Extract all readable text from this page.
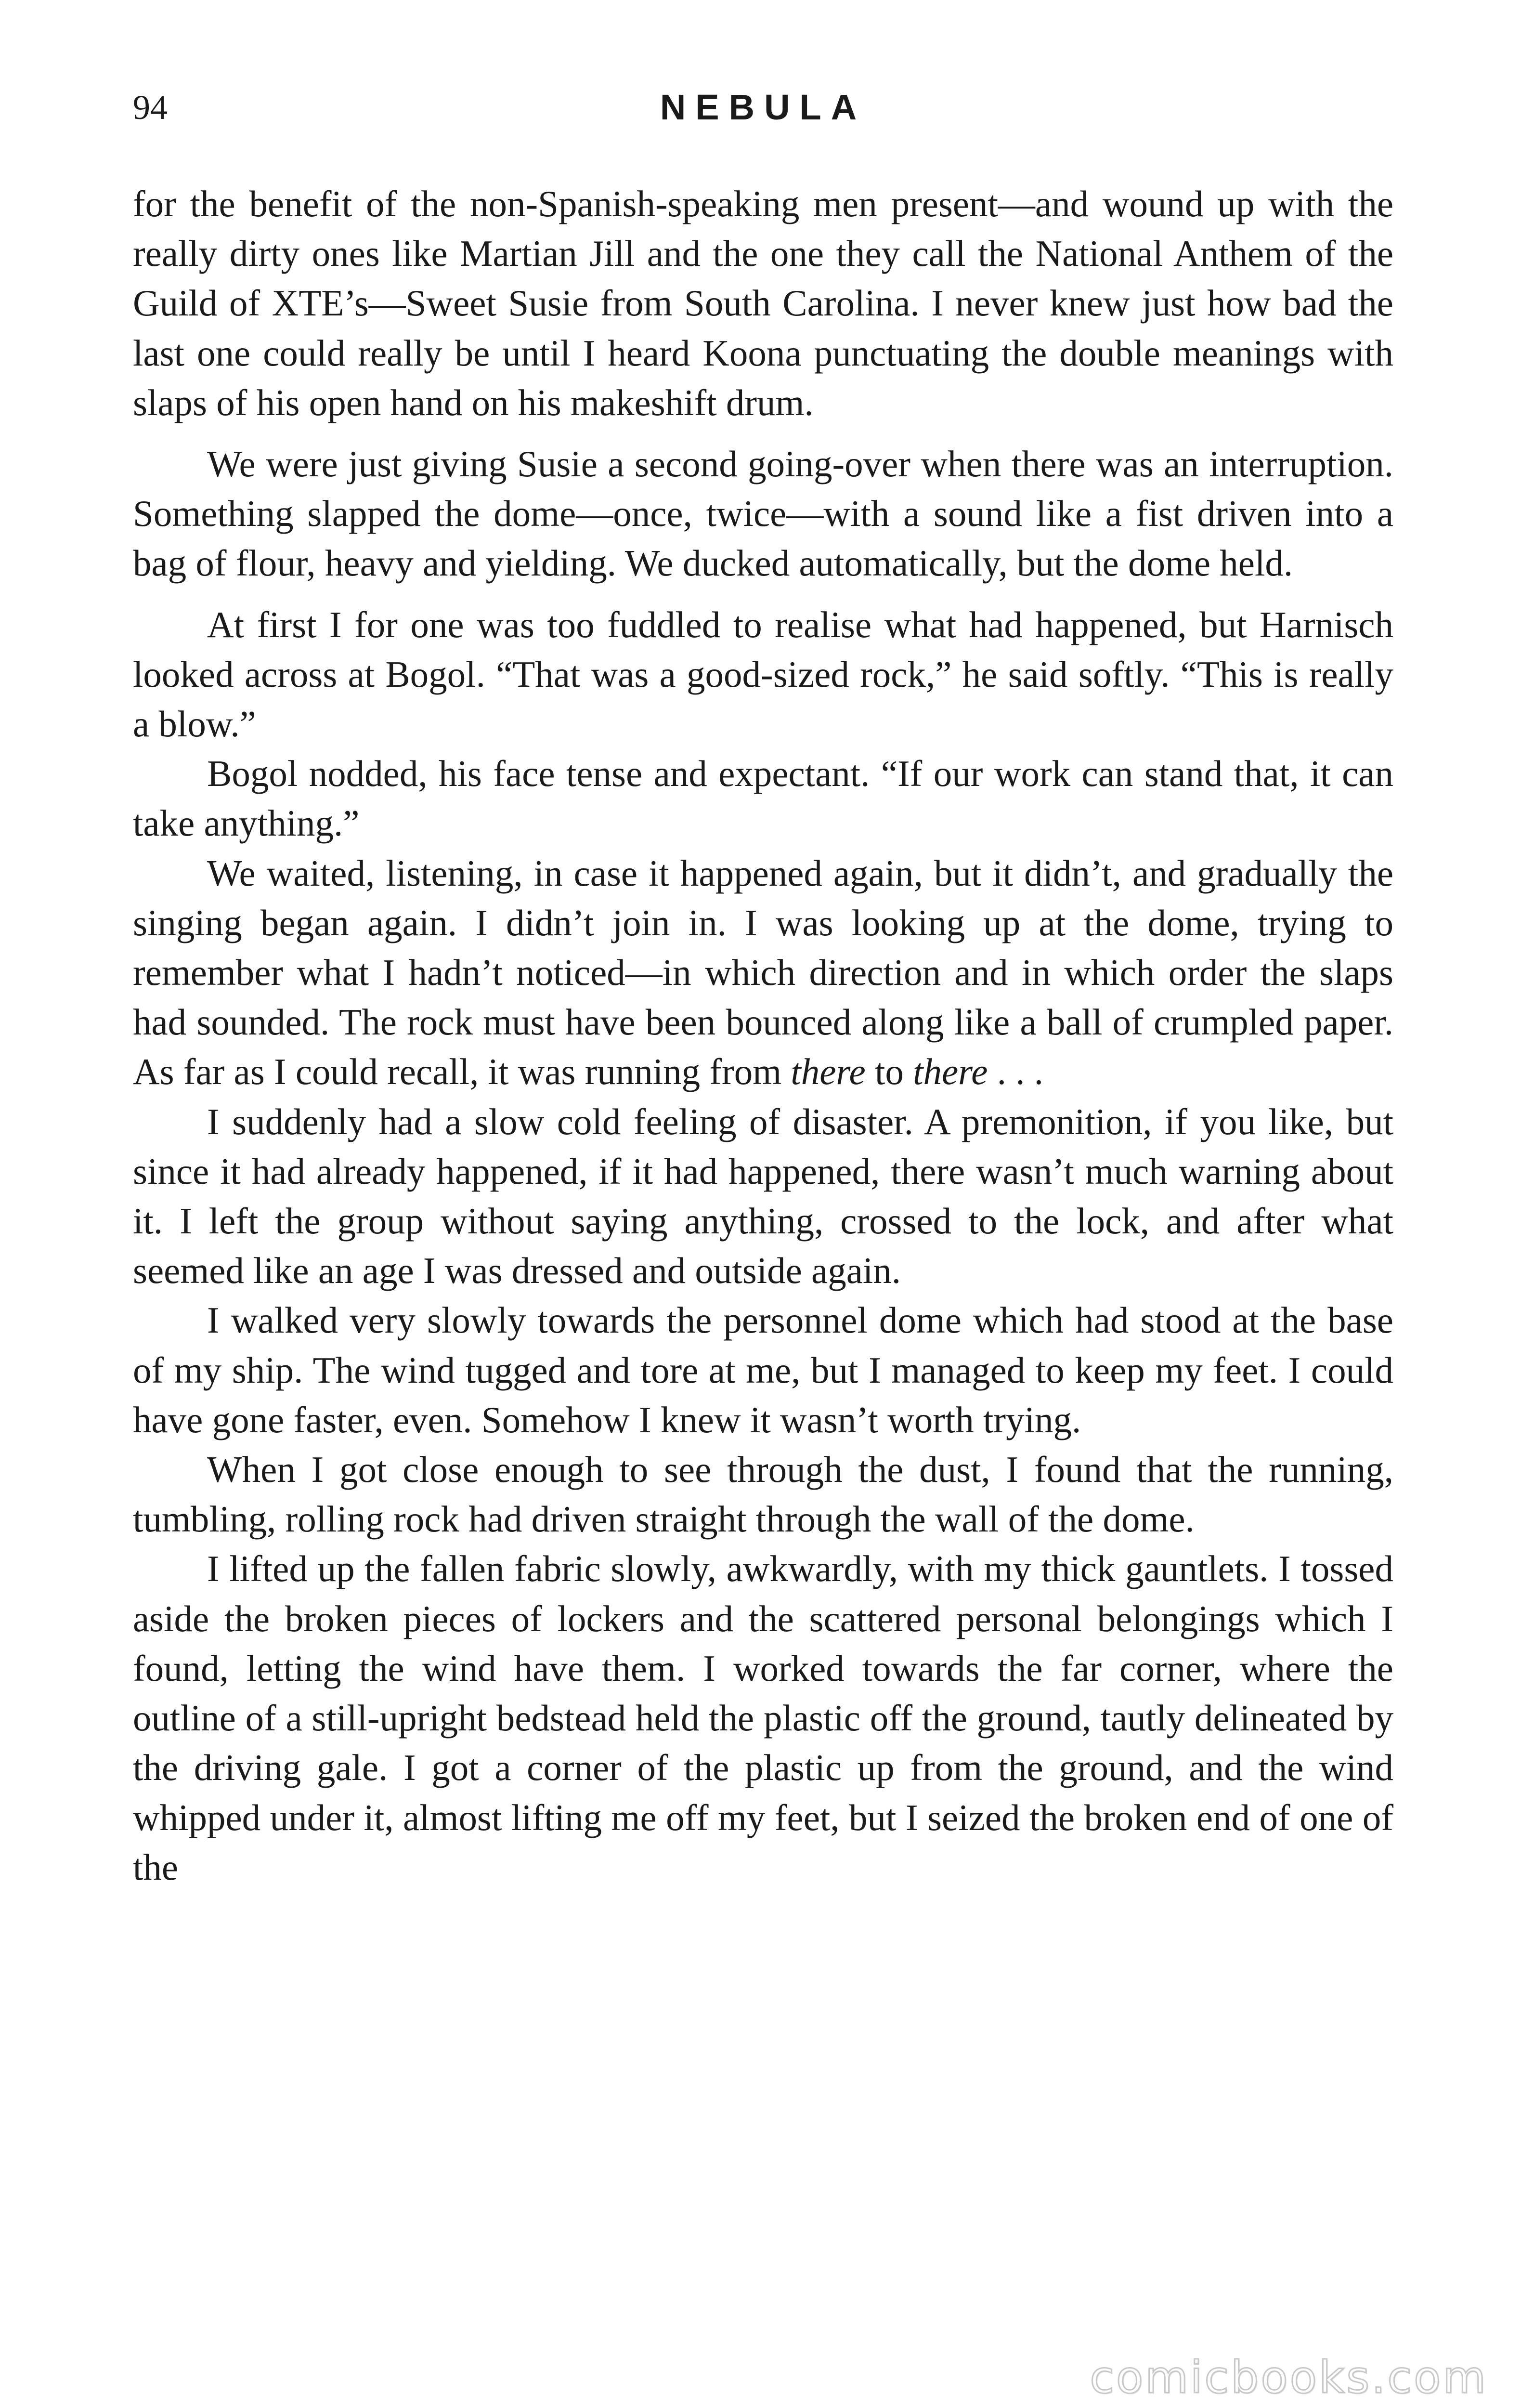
94	NEBULA

for the benefit of the non-Spanish-speaking men present—and wound up with the really dirty ones like Martian Jill and the one they call the National Anthem of the Guild of XTE’s—Sweet Susie from South Carolina. I never knew just how bad the last one could really be until I heard Koona punctuating the double meanings with slaps of his open hand on his makeshift drum.

We were just giving Susie a second going-over when there was an interruption. Something slapped the dome—once, twice—with a sound like a fist driven into a bag of flour, heavy and yielding. We ducked automatically, but the dome held.

At first I for one was too fuddled to realise what had happened, but Harnisch looked across at Bogol. “That was a good-sized rock,” he said softly. “This is really a blow.”

Bogol nodded, his face tense and expectant. “If our work can stand that, it can take anything.”

We waited, listening, in case it happened again, but it didn’t, and gradually the singing began again. I didn’t join in. I was looking up at the dome, trying to remember what I hadn’t noticed—in which direction and in which order the slaps had sounded. The rock must have been bounced along like a ball of crumpled paper. As far as I could recall, it was running from there to there . . .

I suddenly had a slow cold feeling of disaster. A premonition, if you like, but since it had already happened, if it had happened, there wasn’t much warning about it. I left the group without saying anything, crossed to the lock, and after what seemed like an age I was dressed and outside again.

I walked very slowly towards the personnel dome which had stood at the base of my ship. The wind tugged and tore at me, but I managed to keep my feet. I could have gone faster, even. Somehow I knew it wasn’t worth trying.

When I got close enough to see through the dust, I found that the running, tumbling, rolling rock had driven straight through the wall of the dome.

I lifted up the fallen fabric slowly, awkwardly, with my thick gauntlets. I tossed aside the broken pieces of lockers and the scattered personal belongings which I found, letting the wind have them. I worked towards the far corner, where the outline of a still-upright bedstead held the plastic off the ground, tautly delineated by the driving gale. I got a corner of the plastic up from the ground, and the wind whipped under it, almost lifting me off my feet, but I seized the broken end of one of the

comicbooks.com
